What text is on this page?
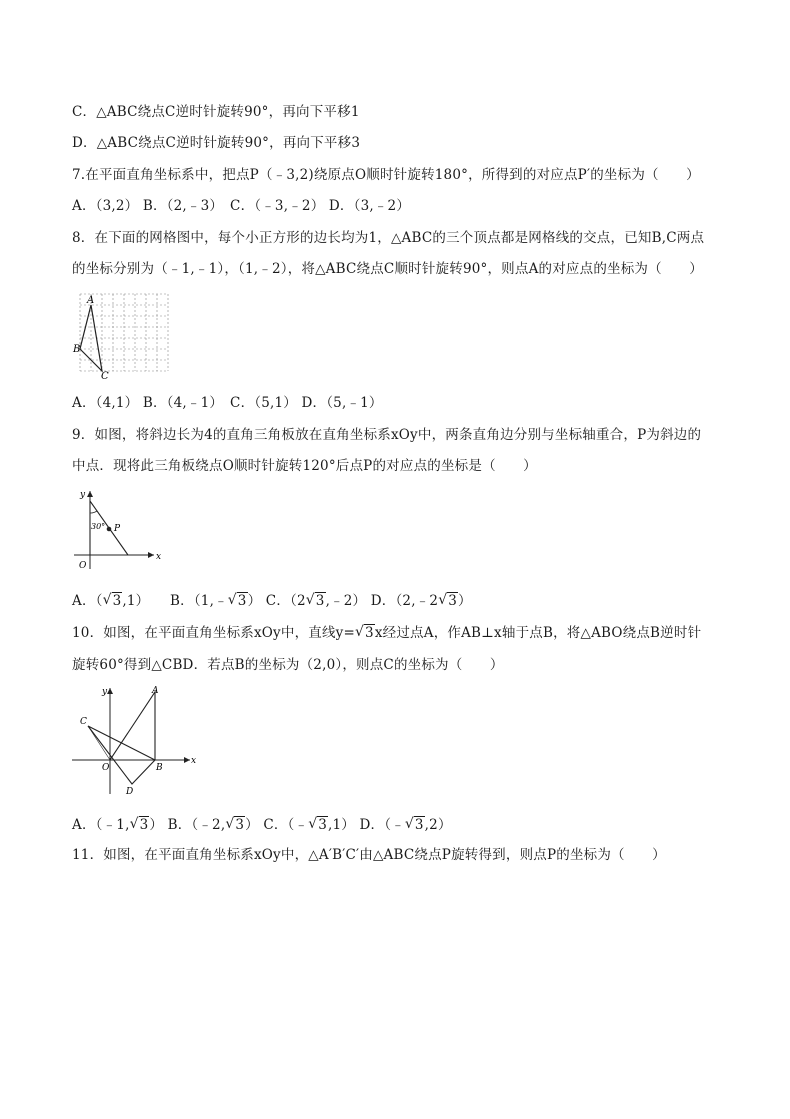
C．△ABC绕点C逆时针旋转90°，再向下平移1
D．△ABC绕点C逆时针旋转90°，再向下平移3
7.在平面直角坐标系中，把点P（﹣3,2)绕原点O顺时针旋转180°，所得到的对应点P′的坐标为（　　）
A．（3,2） B．（2,﹣3）　C．（﹣3,﹣2） D．（3,﹣2）
8．在下面的网格图中，每个小正方形的边长均为1，△ABC的三个顶点都是网格线的交点，已知B,C两点
的坐标分别为（﹣1,﹣1），（1,﹣2），将△ABC绕点C顺时针旋转90°，则点A的对应点的坐标为（　　）
A
B
C
A．（4,1） B．（4,﹣1）　C．（5,1） D．（5,﹣1）
9．如图，将斜边长为4的直角三角板放在直角坐标系xOy中，两条直角边分别与坐标轴重合，P为斜边的
中点．现将此三角板绕点O顺时针旋转120°后点P的对应点的坐标是（　　）
y
x
O
P
30°
A．（ √ 3,1）　　B．（1,﹣ √ 3） C．（2 √ 3,﹣2） D．（2,﹣2 √ 3）
10．如图，在平面直角坐标系xOy中，直线y= √ 3x经过点A，作AB⊥x轴于点B，将△ABO绕点B逆时针
旋转60°得到△CBD．若点B的坐标为（2,0），则点C的坐标为（　　）
y
x
O
A
B
C
D
A．（﹣1, √ 3） B．（﹣2, √ 3） C．（﹣ √ 3,1） D．（﹣ √ 3,2）
11．如图，在平面直角坐标系xOy中，△A′B′C′由△ABC绕点P旋转得到，则点P的坐标为（　　）
